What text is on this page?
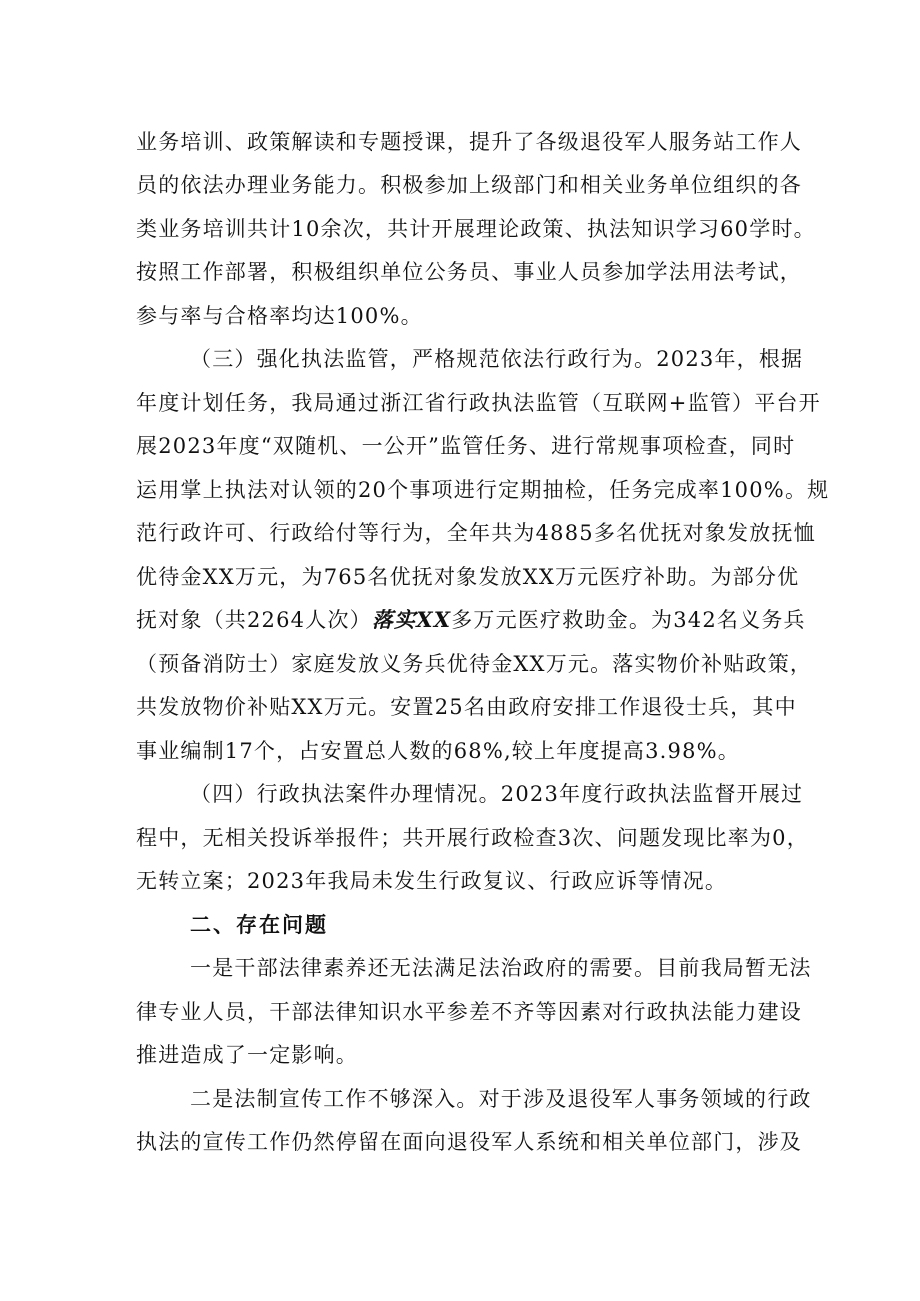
业务培训、政策解读和专题授课，提升了各级退役军人服务站工作人
员的依法办理业务能力。积极参加上级部门和相关业务单位组织的各
类业务培训共计10余次，共计开展理论政策、执法知识学习60学时。
按照工作部署，积极组织单位公务员、事业人员参加学法用法考试，
参与率与合格率均达100%。
（三）强化执法监管，严格规范依法行政行为。2023年，根据
年度计划任务，我局通过浙江省行政执法监管（互联网+监管）平台开
展2023年度“双随机、一公开”监管任务、进行常规事项检查，同时
运用掌上执法对认领的20个事项进行定期抽检，任务完成率100%。规
范行政许可、行政给付等行为，全年共为4885多名优抚对象发放抚恤
优待金XX万元，为765名优抚对象发放XX万元医疗补助。为部分优
抚对象（共2264人次）落实XX多万元医疗救助金。为342名义务兵
（预备消防士）家庭发放义务兵优待金XX万元。落实物价补贴政策，
共发放物价补贴XX万元。安置25名由政府安排工作退役士兵，其中
事业编制17个，占安置总人数的68%,较上年度提高3.98%。
（四）行政执法案件办理情况。2023年度行政执法监督开展过
程中，无相关投诉举报件；共开展行政检查3次、问题发现比率为0，
无转立案；2023年我局未发生行政复议、行政应诉等情况。
二、存在问题
一是干部法律素养还无法满足法治政府的需要。目前我局暂无法
律专业人员，干部法律知识水平参差不齐等因素对行政执法能力建设
推进造成了一定影响。
二是法制宣传工作不够深入。对于涉及退役军人事务领域的行政
执法的宣传工作仍然停留在面向退役军人系统和相关单位部门，涉及
